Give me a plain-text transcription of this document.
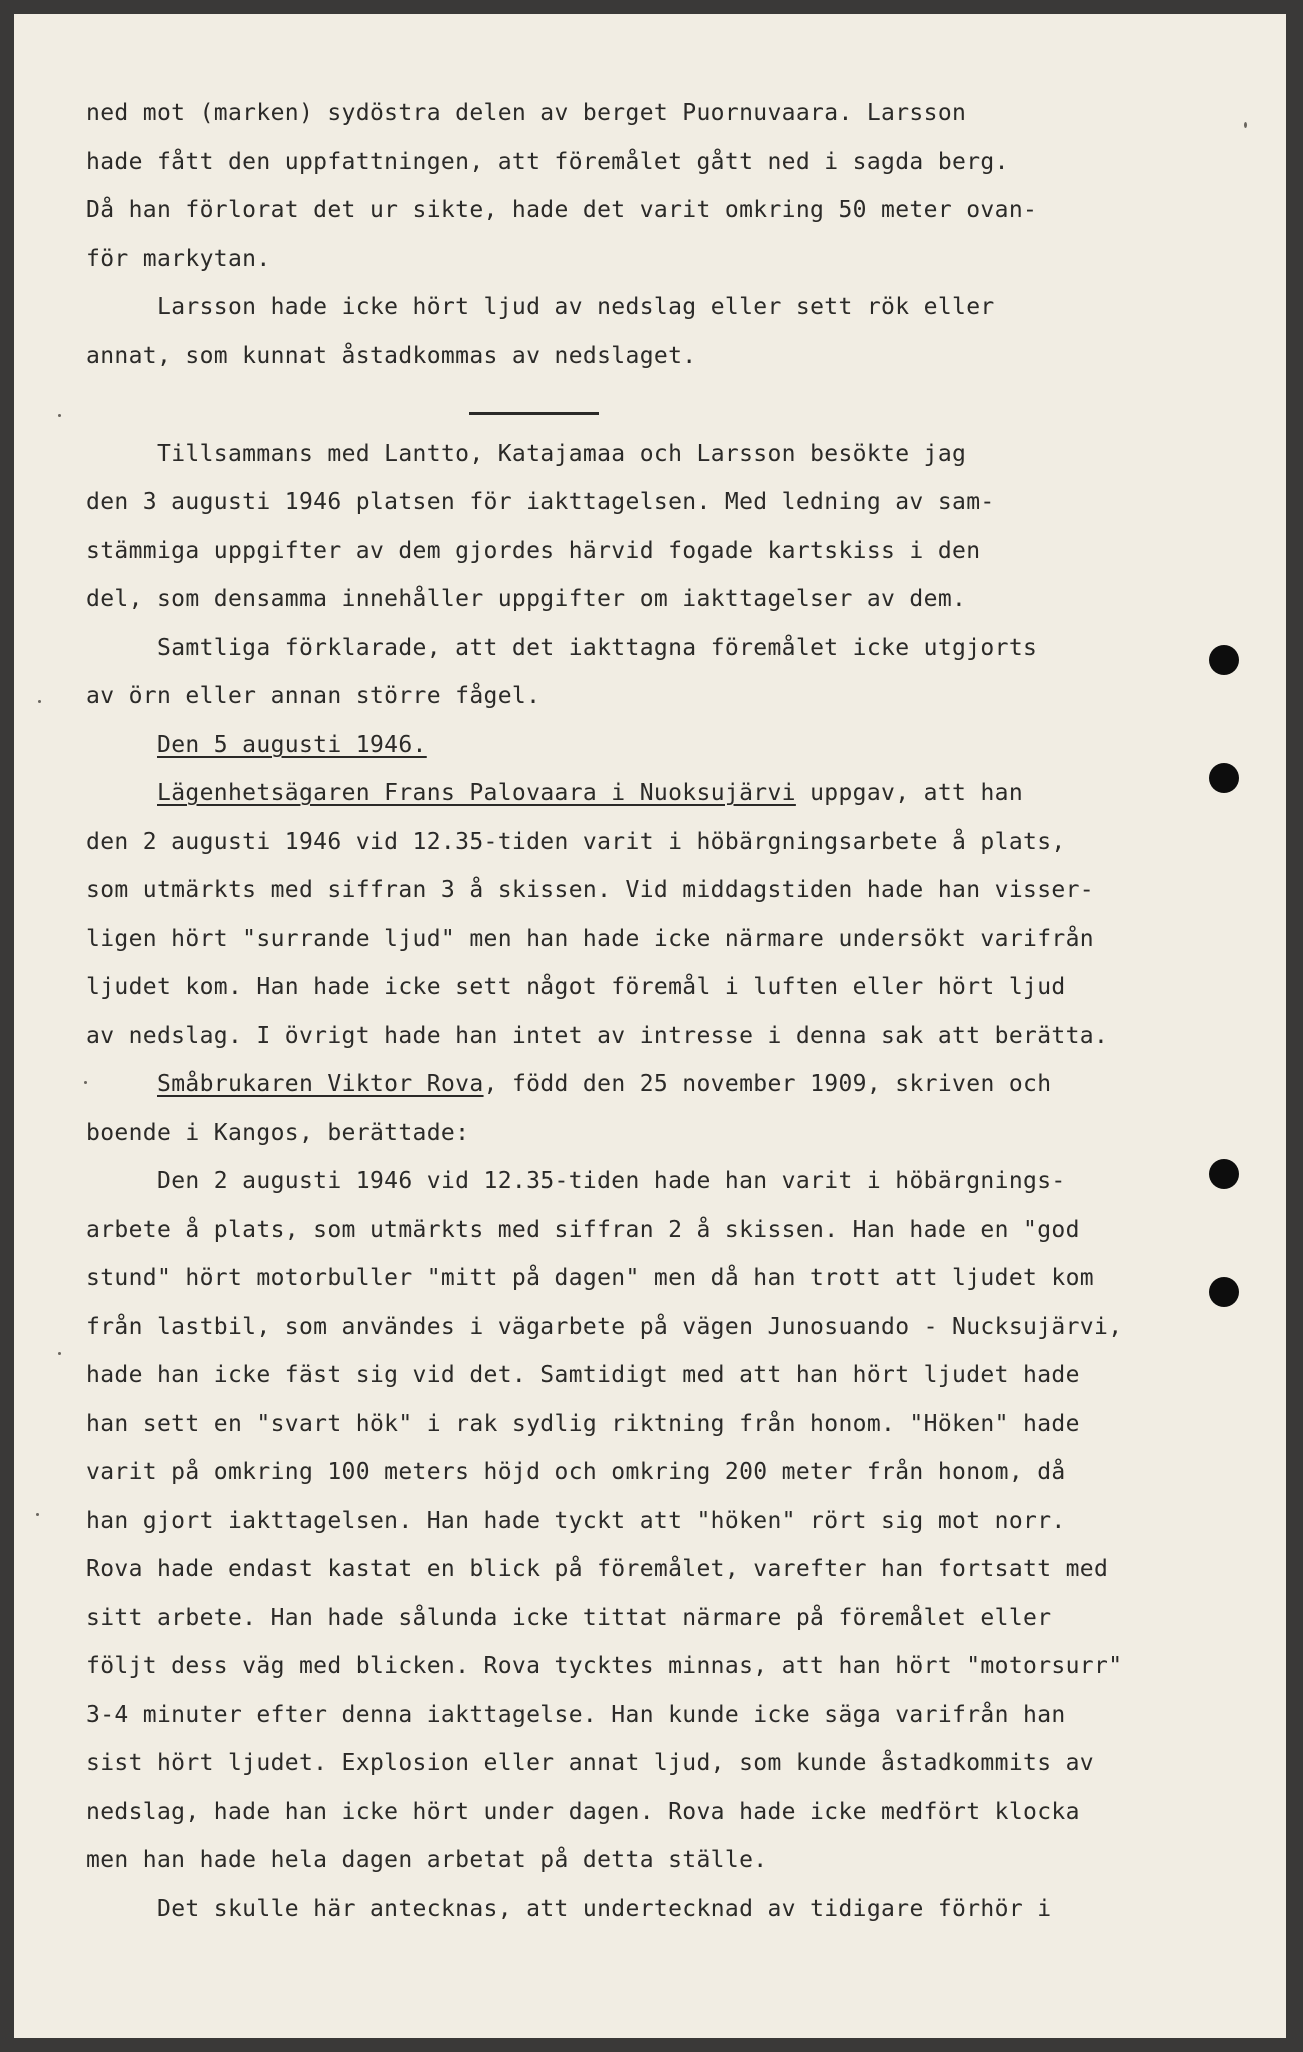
ned mot (marken) sydöstra delen av berget Puornuvaara. Larsson
hade fått den uppfattningen, att föremålet gått ned i sagda berg.
Då han förlorat det ur sikte, hade det varit omkring 50 meter ovan-
för markytan.
Larsson hade icke hört ljud av nedslag eller sett rök eller
annat, som kunnat åstadkommas av nedslaget.
Tillsammans med Lantto, Katajamaa och Larsson besökte jag
den 3 augusti 1946 platsen för iakttagelsen. Med ledning av sam-
stämmiga uppgifter av dem gjordes härvid fogade kartskiss i den
del, som densamma innehåller uppgifter om iakttagelser av dem.
Samtliga förklarade, att det iakttagna föremålet icke utgjorts
av örn eller annan större fågel.
Den 5 augusti 1946.
Lägenhetsägaren Frans Palovaara i Nuoksujärvi uppgav, att han
den 2 augusti 1946 vid 12.35-tiden varit i höbärgningsarbete å plats,
som utmärkts med siffran 3 å skissen. Vid middagstiden hade han visser-
ligen hört "surrande ljud" men han hade icke närmare undersökt varifrån
ljudet kom. Han hade icke sett något föremål i luften eller hört ljud
av nedslag. I övrigt hade han intet av intresse i denna sak att berätta.
Småbrukaren Viktor Rova, född den 25 november 1909, skriven och
boende i Kangos, berättade:
Den 2 augusti 1946 vid 12.35-tiden hade han varit i höbärgnings-
arbete å plats, som utmärkts med siffran 2 å skissen. Han hade en "god
stund" hört motorbuller "mitt på dagen" men då han trott att ljudet kom
från lastbil, som användes i vägarbete på vägen Junosuando - Nucksujärvi,
hade han icke fäst sig vid det. Samtidigt med att han hört ljudet hade
han sett en "svart hök" i rak sydlig riktning från honom. "Höken" hade
varit på omkring 100 meters höjd och omkring 200 meter från honom, då
han gjort iakttagelsen. Han hade tyckt att "höken" rört sig mot norr.
Rova hade endast kastat en blick på föremålet, varefter han fortsatt med
sitt arbete. Han hade sålunda icke tittat närmare på föremålet eller
följt dess väg med blicken. Rova tycktes minnas, att han hört "motorsurr"
3-4 minuter efter denna iakttagelse. Han kunde icke säga varifrån han
sist hört ljudet. Explosion eller annat ljud, som kunde åstadkommits av
nedslag, hade han icke hört under dagen. Rova hade icke medfört klocka
men han hade hela dagen arbetat på detta ställe.
Det skulle här antecknas, att undertecknad av tidigare förhör i
